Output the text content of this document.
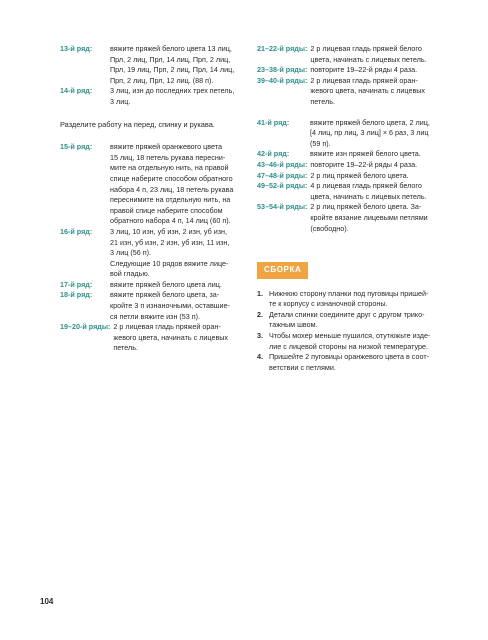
13-й ряд:	вяжите пряжей белого цвета 13 лиц,
Прл, 2 лиц, Прл, 14 лиц, Прп, 2 лиц,
Прл, 19 лиц, Прп, 2 лиц, Прл, 14 лиц,
Прп, 2 лиц, Прл, 12 лиц. (88 п).
14-й ряд:	3 лиц, изн до последних трех петель,
3 лиц.
Разделите работу на перед, спинку и рукава.
15-й ряд:	вяжите пряжей оранжевого цвета
15 лиц, 18 петель рукава пересни-
мите на отдельную нить, на правой
спице наберите способом обратного
набора 4 п, 23 лиц, 18 петель рукава
переснимите на отдельную нить, на
правой спице наберите способом
обратного набора 4 п, 14 лиц (60 п).
16-й ряд:	3 лиц, 10 изн, уб изн, 2 изн, уб изн,
21 изн, уб изн, 2 изн, уб изн, 11 изн,
3 лиц (56 п).
Следующие 10 рядов вяжите лице-
вой гладью.
17-й ряд:	вяжите пряжей белого цвета лиц.
18-й ряд:	вяжите пряжей белого цвета, за-
кройте 3 п изнаночными, оставшие-
ся петли вяжите изн (53 п).
19–20-й ряды: 2 р лицевая гладь пряжей оран-
жевого цвета, начинать с лицевых
петель.
21–22-й ряды: 2 р лицевая гладь пряжей белого
цвета, начинать с лицевых петель.
23–38-й ряды: повторите 19–22-й ряды 4 раза.
39–40-й ряды: 2 р лицевая гладь пряжей оран-
жевого цвета, начинать с лицевых
петель.
41-й ряд:	вяжите пряжей белого цвета, 2 лиц,
[4 лиц, пр лиц, 3 лиц] × 6 раз, 3 лиц
(59 п).
42-й ряд:	вяжите изн пряжей белого цвета.
43–46-й ряды: повторите 19–22-й ряды 4 раза.
47–48-й ряды: 2 р лиц пряжей белого цвета.
49–52-й ряды: 4 р лицевая гладь пряжей белого
цвета, начинать с лицевых петель.
53–54-й ряды: 2 р лиц пряжей белого цвета. За-
кройте вязание лицевыми петлями
(свободно).
СБОРКА
1. Нижнюю сторону планки под пуговицы пришей-
те к корпусу с изнаночной стороны.
2. Детали спинки соедините друг с другом трико-
тажным швом.
3. Чтобы мохер меньше пушился, отутюжьте изде-
лие с лицевой стороны на низкой температуре.
4. Пришейте 2 пуговицы оранжевого цвета в соот-
ветствии с петлями.
104
